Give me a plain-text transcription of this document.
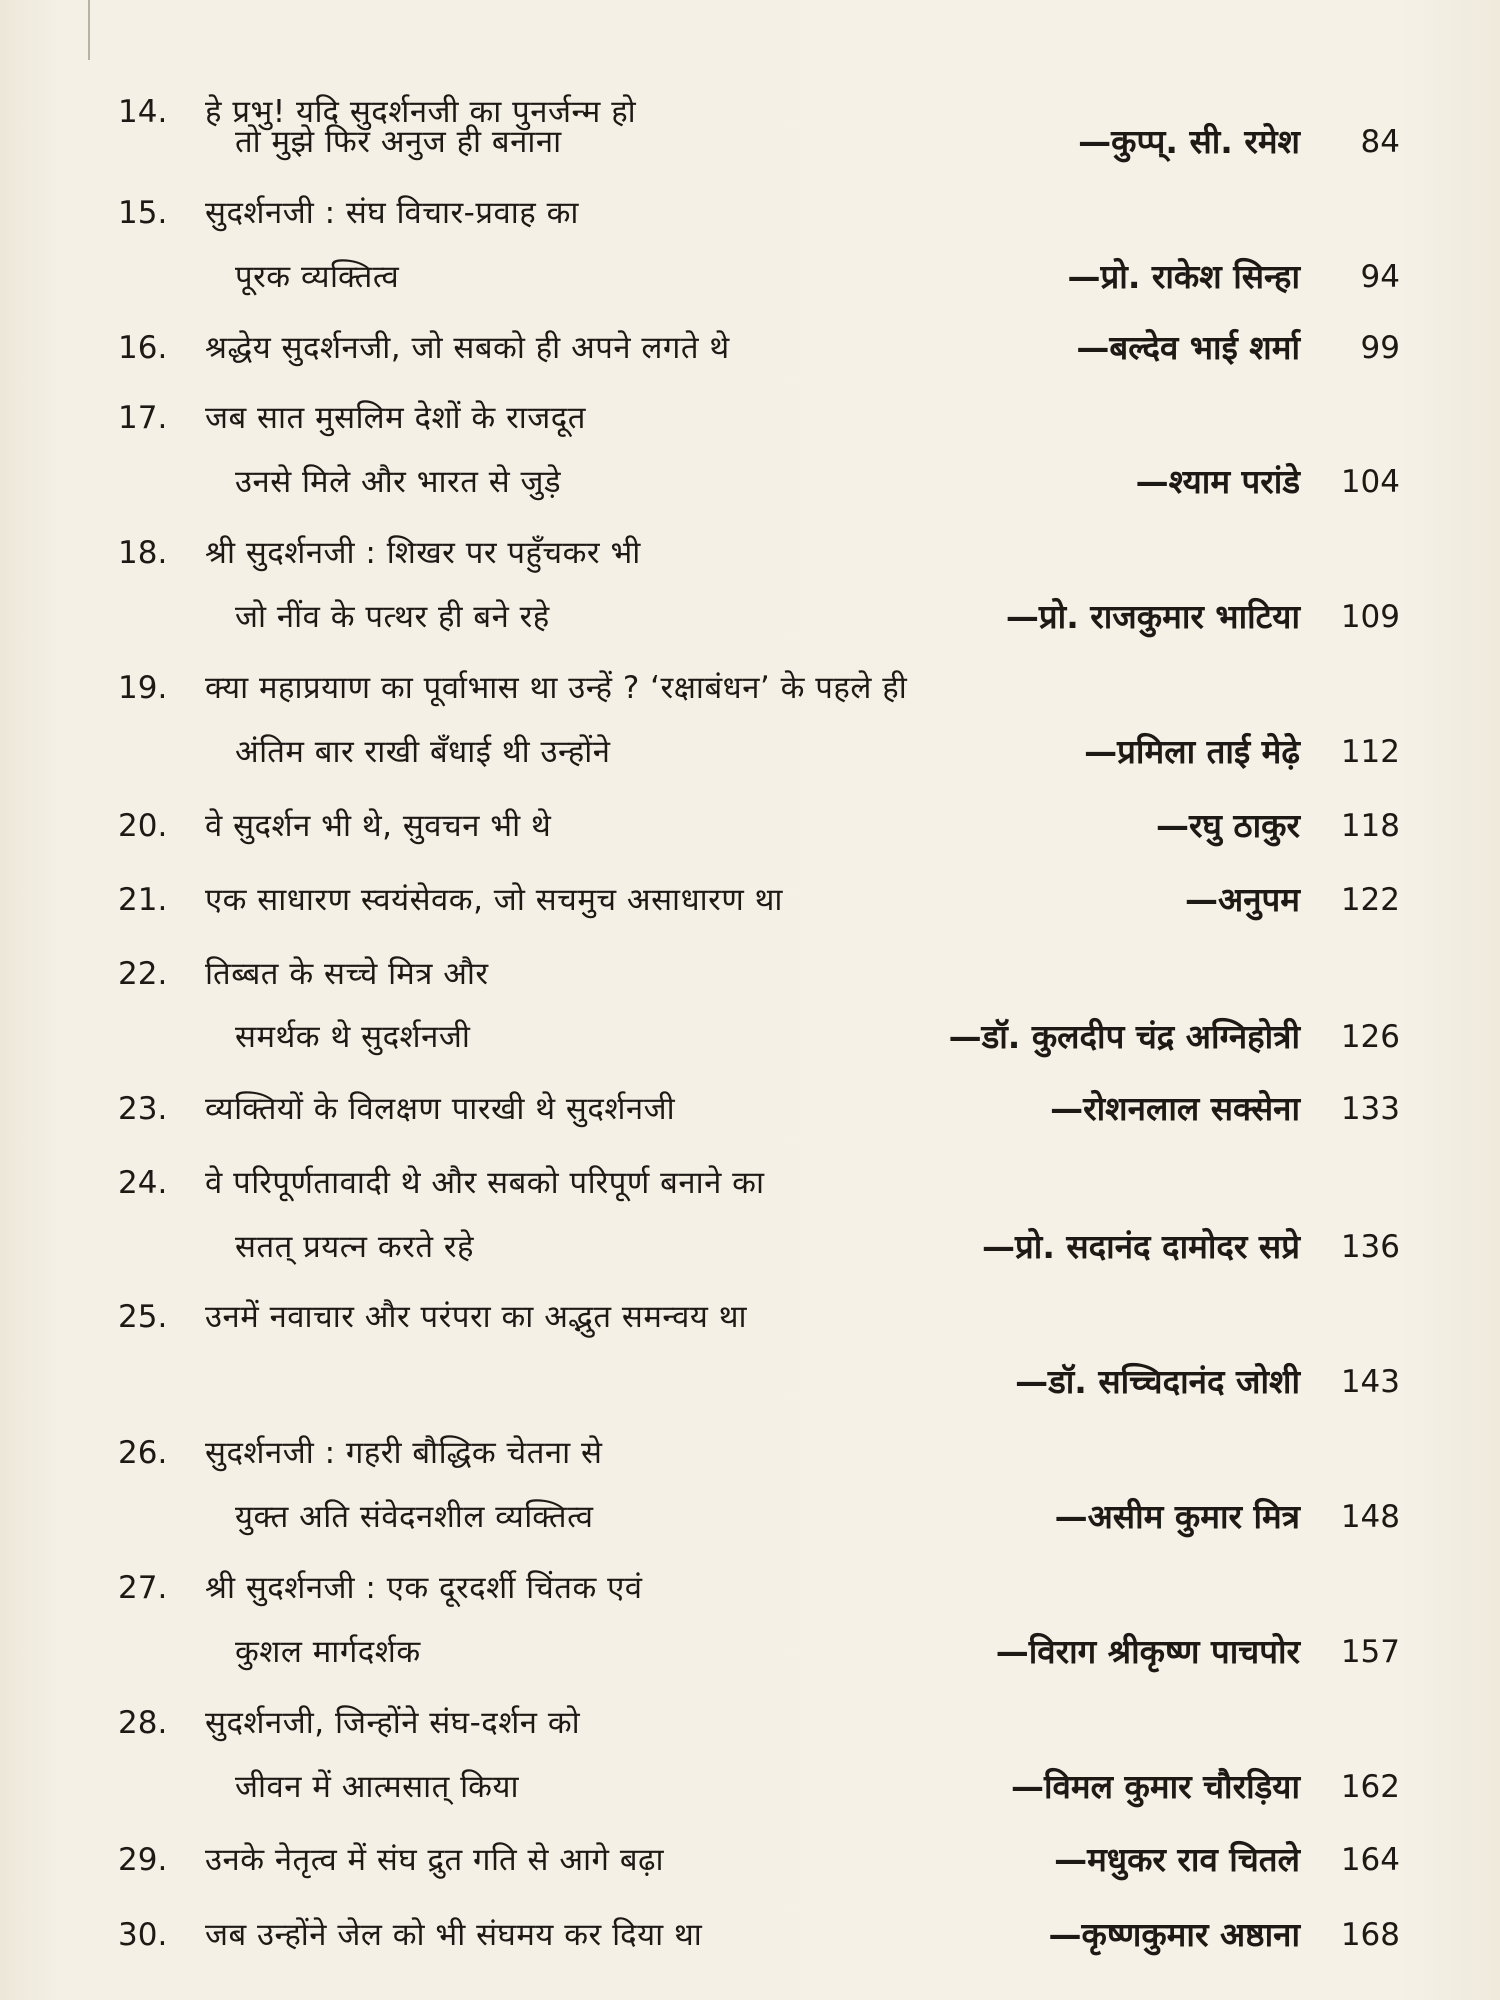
14.	हे प्रभु! यदि सुदर्शनजी का पुनर्जन्म हो
तो मुझे फिर अनुज ही बनाना	—कुप्प्. सी. रमेश	84
15.	सुदर्शनजी : संघ विचार-प्रवाह का
पूरक व्यक्तित्व	—प्रो. राकेश सिन्हा	94
16.	श्रद्धेय सुदर्शनजी, जो सबको ही अपने लगते थे	—बल्देव भाई शर्मा	99
17.	जब सात मुसलिम देशों के राजदूत
उनसे मिले और भारत से जुड़े	—श्याम परांडे	104
18.	श्री सुदर्शनजी : शिखर पर पहुँचकर भी
जो नींव के पत्थर ही बने रहे	—प्रो. राजकुमार भाटिया	109
19.	क्या महाप्रयाण का पूर्वाभास था उन्हें ? ‘रक्षाबंधन’ के पहले ही
अंतिम बार राखी बँधाई थी उन्होंने	—प्रमिला ताई मेढ़े	112
20.	वे सुदर्शन भी थे, सुवचन भी थे	—रघु ठाकुर	118
21.	एक साधारण स्वयंसेवक, जो सचमुच असाधारण था	—अनुपम	122
22.	तिब्बत के सच्चे मित्र और
समर्थक थे सुदर्शनजी	—डॉ. कुलदीप चंद्र अग्निहोत्री	126
23.	व्यक्तियों के विलक्षण पारखी थे सुदर्शनजी	—रोशनलाल सक्सेना	133
24.	वे परिपूर्णतावादी थे और सबको परिपूर्ण बनाने का
सतत् प्रयत्न करते रहे	—प्रो. सदानंद दामोदर सप्रे	136
25.	उनमें नवाचार और परंपरा का अद्भुत समन्वय था
—डॉ. सच्चिदानंद जोशी	143
26.	सुदर्शनजी : गहरी बौद्धिक चेतना से
युक्त अति संवेदनशील व्यक्तित्व	—असीम कुमार मित्र	148
27.	श्री सुदर्शनजी : एक दूरदर्शी चिंतक एवं
कुशल मार्गदर्शक	—विराग श्रीकृष्ण पाचपोर	157
28.	सुदर्शनजी, जिन्होंने संघ-दर्शन को
जीवन में आत्मसात् किया	—विमल कुमार चौरड़िया	162
29.	उनके नेतृत्व में संघ द्रुत गति से आगे बढ़ा	—मधुकर राव चितले	164
30.	जब उन्होंने जेल को भी संघमय कर दिया था	—कृष्णकुमार अष्ठाना	168
